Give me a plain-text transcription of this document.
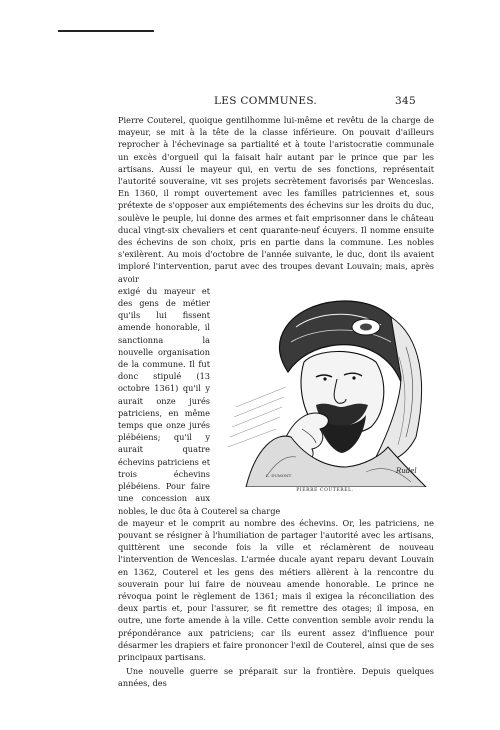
LES COMMUNES.	345

Pierre Couterel, quoique gentilhomme lui-même et revêtu de la charge de mayeur, se mit à la tête de la classe inférieure. On pouvait d'ailleurs reprocher à l'échevinage sa partialité et à toute l'aristocratie communale un excès d'orgueil qui la faisait haïr autant par le prince que par les artisans. Aussi le mayeur qui, en vertu de ses fonctions, représentait l'autorité souveraine, vit ses projets secrètement favorisés par Wenceslas. En 1360, il rompt ouvertement avec les familles patriciennes et, sous prétexte de s'opposer aux empiétements des échevins sur les droits du duc, soulève le peuple, lui donne des armes et fait emprisonner dans le château ducal vingt-six chevaliers et cent quarante-neuf écuyers. Il nomme ensuite des échevins de son choix, pris en partie dans la commune. Les nobles s'exilèrent. Au mois d'octobre de l'année suivante, le duc, dont ils avaient imploré l'intervention, parut avec des troupes devant Louvain; mais, après avoir

L. DUMONT
Rudel
PIERRE COUTEREL.

exigé du mayeur et des gens de métier qu'ils lui fissent amende honorable, il sanctionna la nouvelle organisation de la commune. Il fut donc stipulé (13 octobre 1361) qu'il y aurait onze jurés patriciens, en même temps que onze jurés plébéiens; qu'il y aurait quatre échevins patriciens et trois échevins plébéiens. Pour faire une concession aux nobles, le duc ôta à Couterel sa charge

de mayeur et le comprit au nombre des échevins. Or, les patriciens, ne pouvant se résigner à l'humiliation de partager l'autorité avec les artisans, quittèrent une seconde fois la ville et réclamèrent de nouveau l'intervention de Wenceslas. L'armée ducale ayant reparu devant Louvain en 1362, Couterel et les gens des métiers allèrent à la rencontre du souverain pour lui faire de nouveau amende honorable. Le prince ne révoqua point le règlement de 1361; mais il exigea la réconciliation des deux partis et, pour l'assurer, se fit remettre des otages; il imposa, en outre, une forte amende à la ville. Cette convention semble avoir rendu la prépondérance aux patriciens; car ils eurent assez d'influence pour désarmer les drapiers et faire prononcer l'exil de Couterel, ainsi que de ses principaux partisans.

Une nouvelle guerre se préparait sur la frontière. Depuis quelques années, des
